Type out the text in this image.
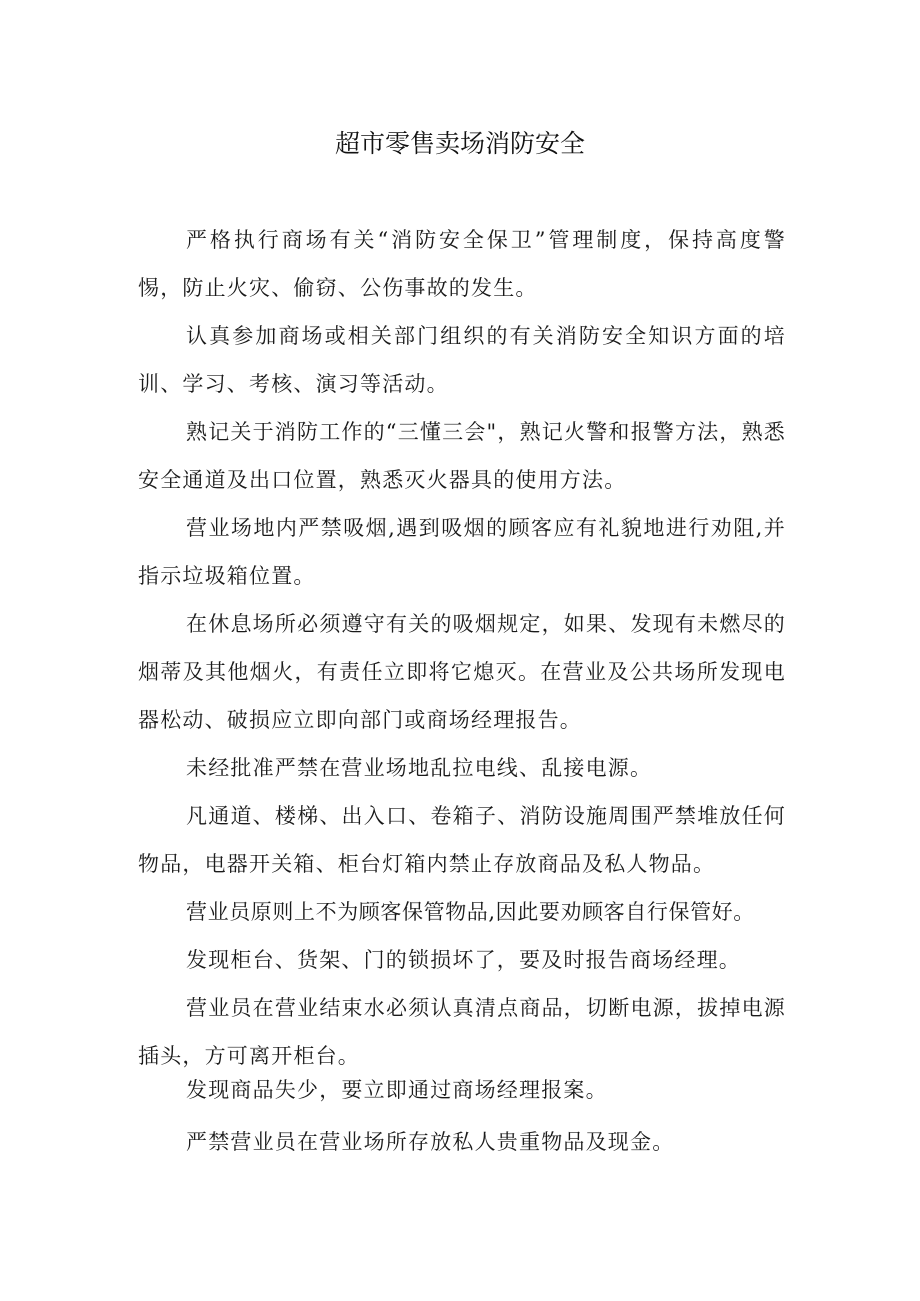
超市零售卖场消防安全

严格执行商场有关“消防安全保卫”管理制度，保持高度警惕，防止火灾、偷窃、公伤事故的发生。

认真参加商场或相关部门组织的有关消防安全知识方面的培训、学习、考核、演习等活动。

熟记关于消防工作的“三懂三会"，熟记火警和报警方法，熟悉安全通道及出口位置，熟悉灭火器具的使用方法。

营业场地内严禁吸烟,遇到吸烟的顾客应有礼貌地进行劝阻,并指示垃圾箱位置。

在休息场所必须遵守有关的吸烟规定，如果、发现有未燃尽的烟蒂及其他烟火，有责任立即将它熄灭。在营业及公共场所发现电器松动、破损应立即向部门或商场经理报告。

未经批准严禁在营业场地乱拉电线、乱接电源。

凡通道、楼梯、出入口、卷箱子、消防设施周围严禁堆放任何物品，电器开关箱、柜台灯箱内禁止存放商品及私人物品。

营业员原则上不为顾客保管物品,因此要劝顾客自行保管好。

发现柜台、货架、门的锁损坏了，要及时报告商场经理。

营业员在营业结束水必须认真清点商品，切断电源，拔掉电源插头，方可离开柜台。

发现商品失少，要立即通过商场经理报案。

严禁营业员在营业场所存放私人贵重物品及现金。
